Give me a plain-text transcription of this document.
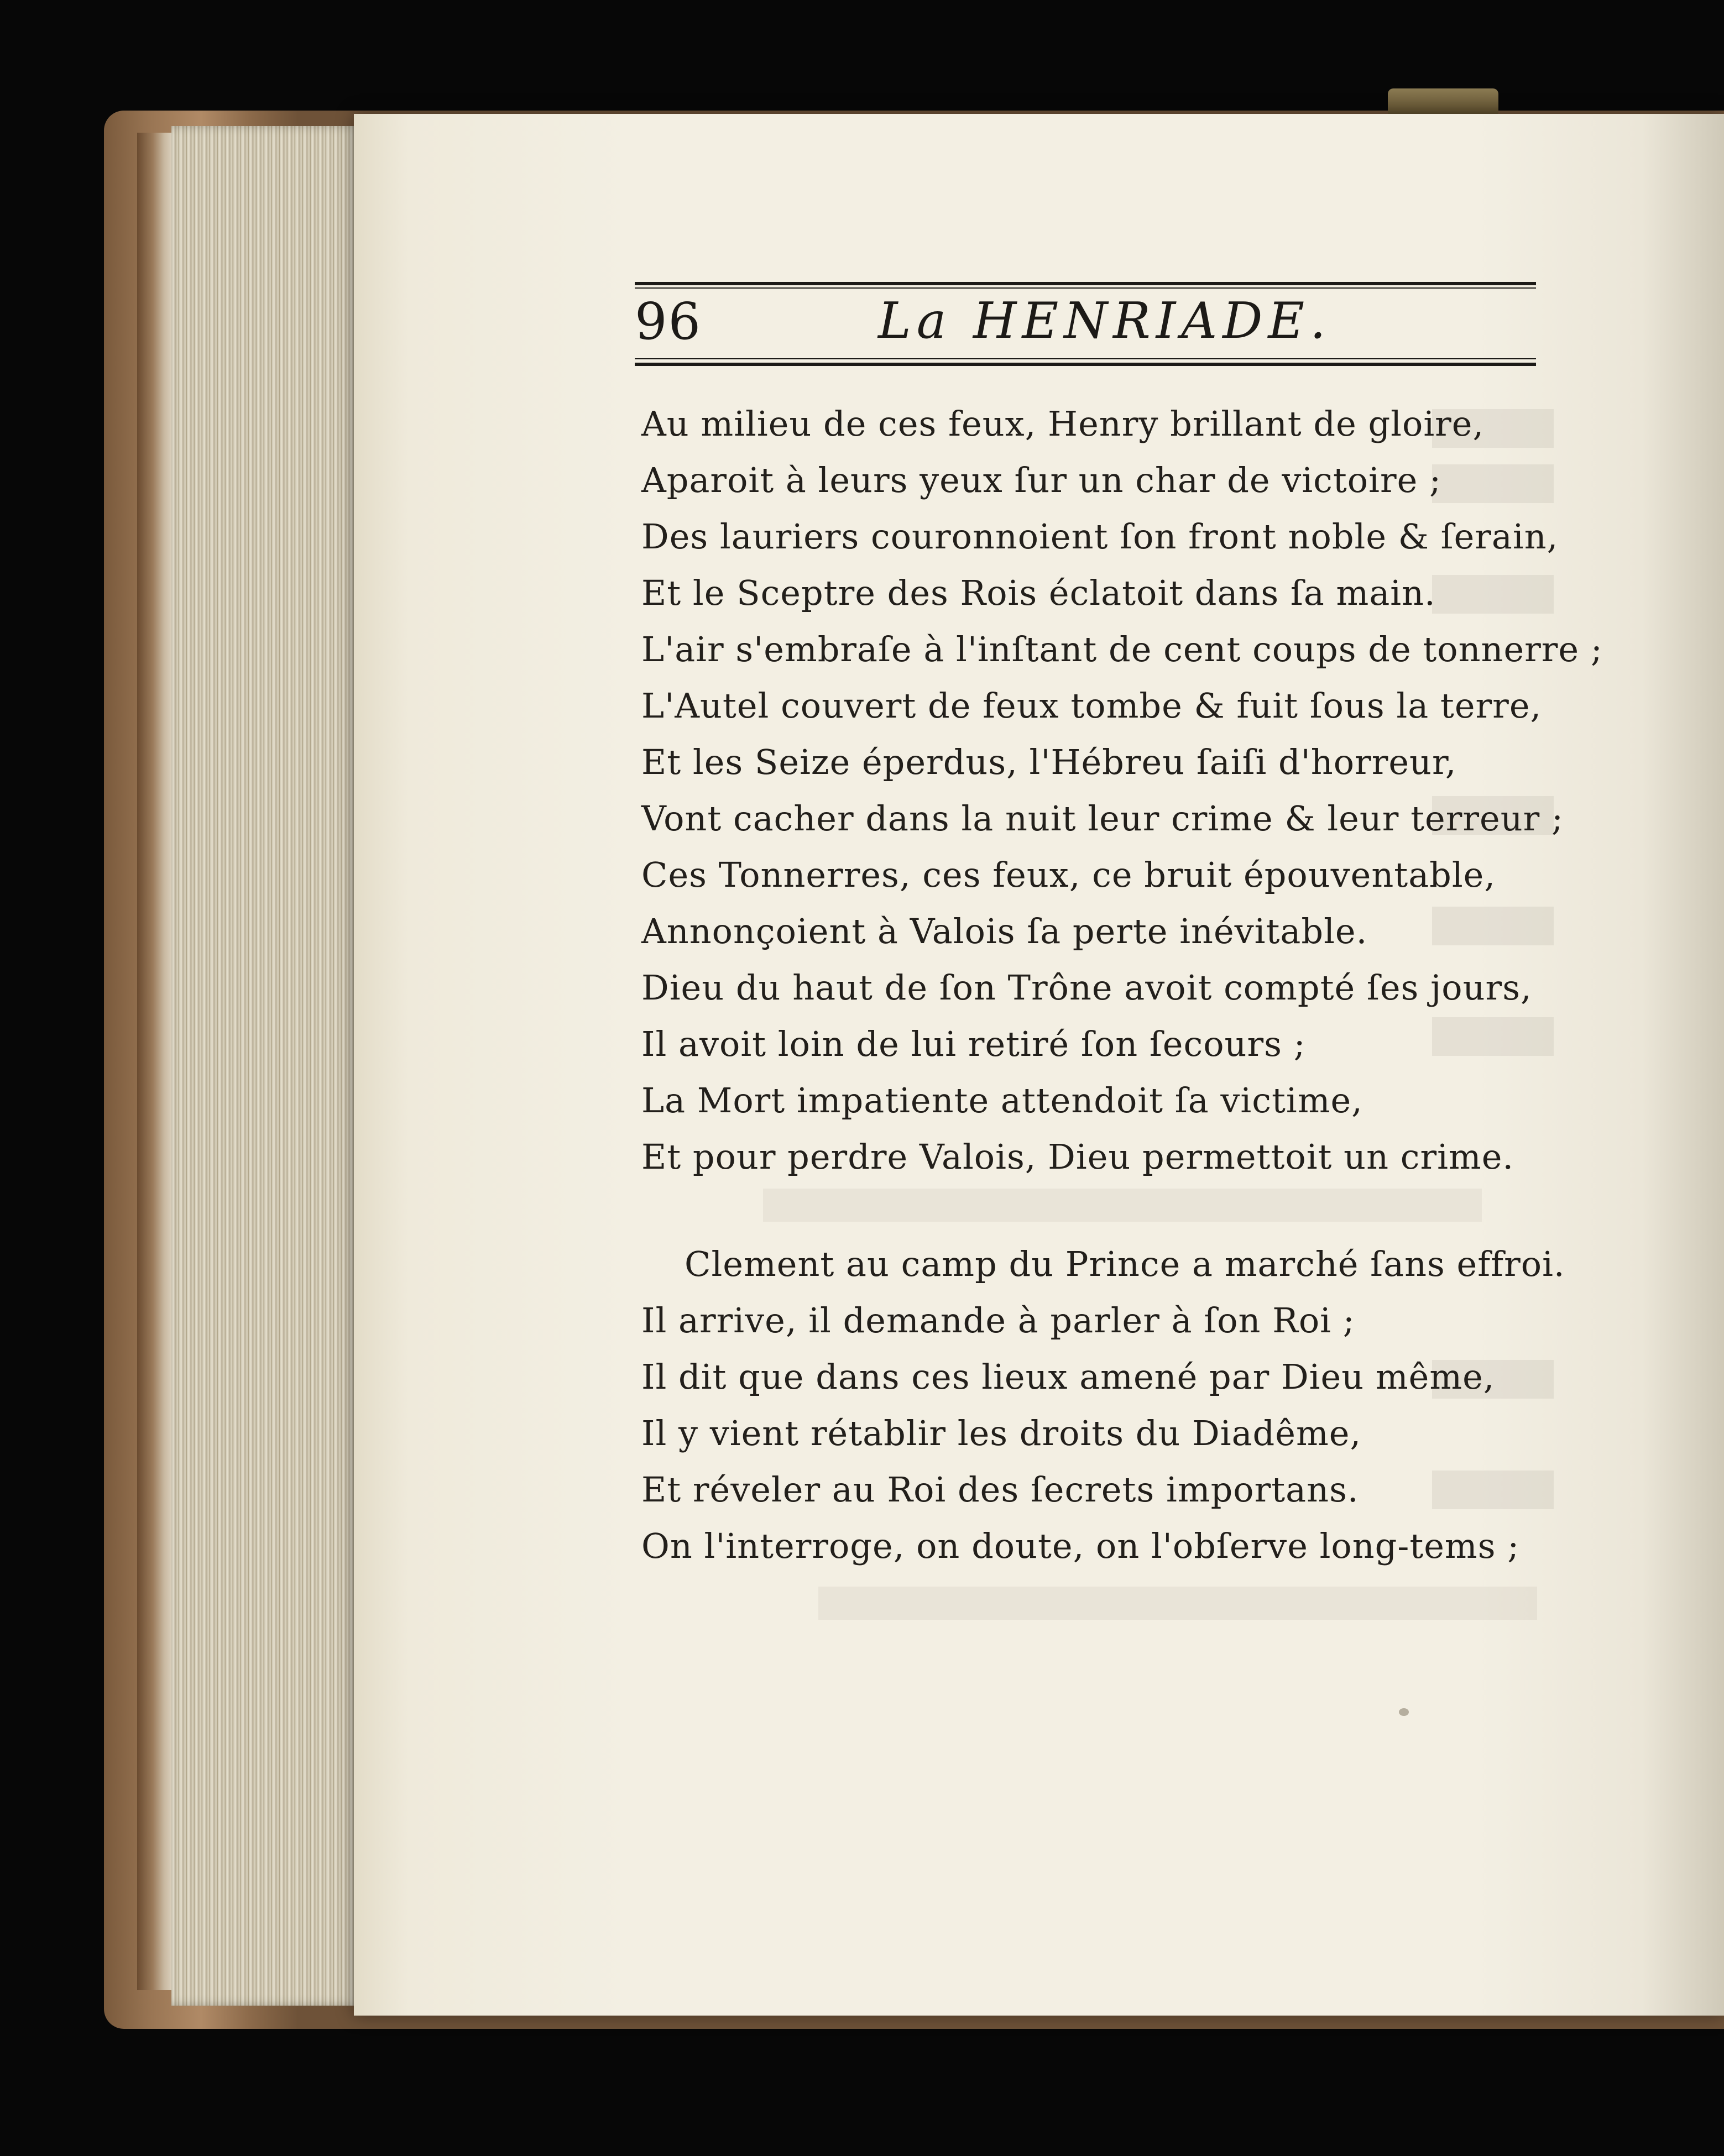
96	La HENRIADE.
Au milieu de ces feux, Henry brillant de gloire,
Aparoit à leurs yeux ſur un char de victoire ;
Des lauriers couronnoient ſon front noble & ſerain,
Et le Sceptre des Rois éclatoit dans ſa main.
L'air s'embraſe à l'inſtant de cent coups de tonnerre ;
L'Autel couvert de feux tombe & fuit ſous la terre,
Et les Seize éperdus, l'Hébreu ſaiſi d'horreur,
Vont cacher dans la nuit leur crime & leur terreur ;
Ces Tonnerres, ces feux, ce bruit épouventable,
Annonçoient à Valois ſa perte inévitable.
Dieu du haut de ſon Trône avoit compté ſes jours,
Il avoit loin de lui retiré ſon ſecours ;
La Mort impatiente attendoit ſa victime,
Et pour perdre Valois, Dieu permettoit un crime.
Clement au camp du Prince a marché ſans effroi.
Il arrive, il demande à parler à ſon Roi ;
Il dit que dans ces lieux amené par Dieu même,
Il y vient rétablir les droits du Diadême,
Et réveler au Roi des ſecrets importans.
On l'interroge, on doute, on l'obſerve long-tems ;
